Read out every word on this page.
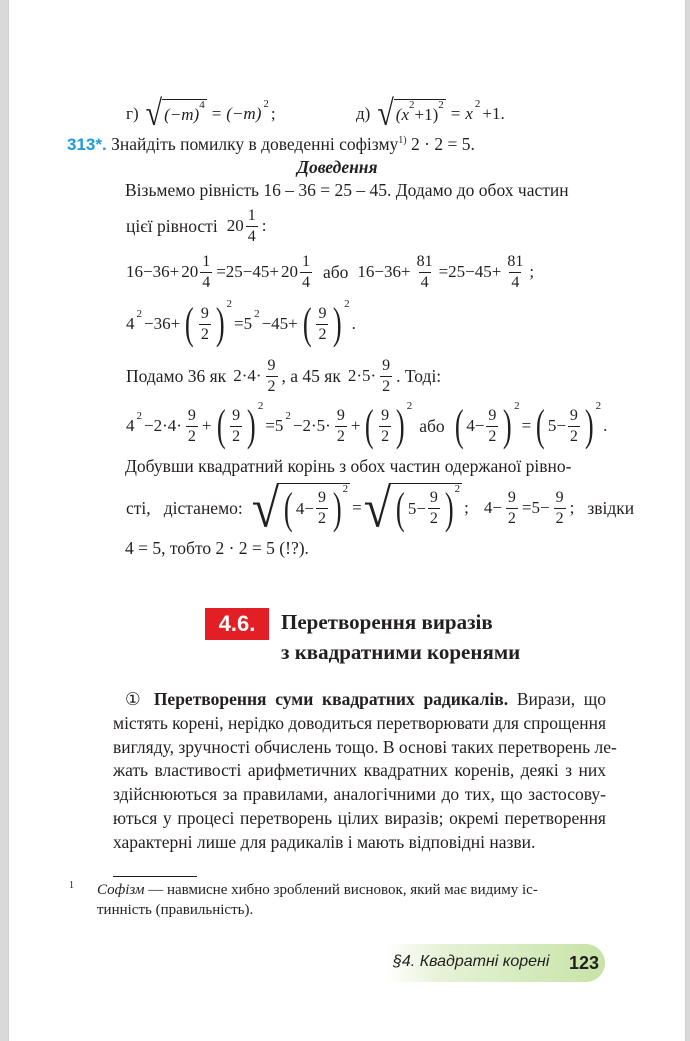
г) √ (−m) 4 = (−m) 2 ;	д) √ (x 2 +1) 2 = x 2 +1.
313*. Знайдіть помилку в доведенні софізму$^{1)}$ 2 · 2 = 5.
Доведення
Візьмемо рівність 16 – 36 = 25 – 45. Додамо до обох частин
цієї рівності $20 \frac{1}{4}$ :
$16-36+ 20 \frac{1}{4} =25-45+ 20 \frac{1}{4}$ або $16-36+ \frac{81}{4} =25-45+ \frac{81}{4}$ ;
4 2 −36+ ( $\frac{9}{2}$ ) 2
=5 2 −45+ ( $\frac{9}{2}$ ) 2
.
Подамо 36 як $2\cdot 4\cdot \frac{9}{2}$ , а 45 як $2\cdot 5\cdot \frac{9}{2}$ . Тоді:
4 $2 -2\cdot 4\cdot \frac{9}{2}$ + ( $\frac{9}{2}$ ) 2
=5 $2 -2\cdot 5\cdot \frac{9}{2}$ + ( $\frac{9}{2}$ ) 2
або ( $4- \frac{9}{2}$ ) 2
= ( $5- \frac{9}{2}$ ) 2
.
Добувши квадратний корінь з обох частин одержаної рівно-
сті,   дістанемо: √ ( $4- \frac{9}{2}$ ) 2
= √ ( $5- \frac{9}{2}$ ) 2
; $4- \frac{9}{2} =5- \frac{9}{2}$ ; звідки
4 = 5, тобто 2 · 2 = 5 (!?).
4.6.	Перетворення виразів
з квадратними коренями
① Перетворення суми квадратних радикалів. Вирази, що
містять корені, нерідко доводиться перетворювати для спрощення
вигляду, зручності обчислень тощо. В основі таких перетворень ле-
жать властивості арифметичних квадратних коренів, деякі з них
здійснюються за правилами, аналогічними до тих, що застосову-
ються у процесі перетворень цілих виразів; окремі перетворення
характерні лише для радикалів і мають відповідні назви.
1 Софізм — навмисне хибно зроблений висновок, який має видиму іс-
тинність (правильність).
§4. Квадратні корені	123
